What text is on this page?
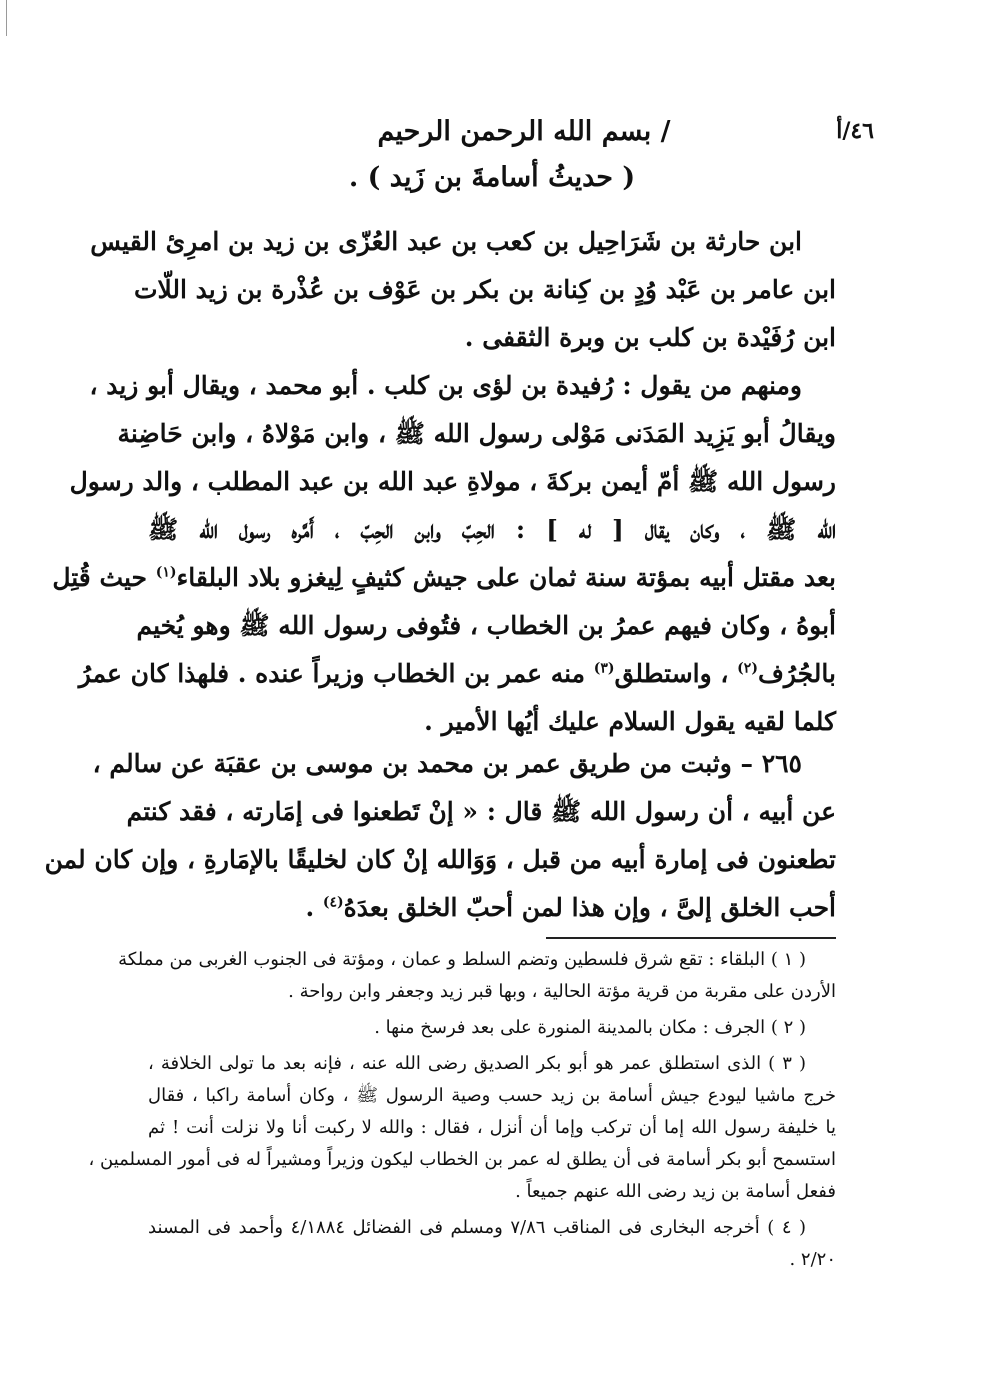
٤٦/أ
/ بسم الله الرحمن الرحيم
( حديثُ أسامةَ بن زَيد ) .
ابن حارثة بن شَرَاحِيل بن كعب بن عبد العُزّى بن زيد بن امرِئ القيس
ابن عامر بن عَبْد وُدٍ بن كِنانة بن بكر بن عَوْف بن عُذْرة بن زيد اللّات
ابن رُفَيْدة بن كلب بن وبرة الثقفى .
ومنهم من يقول : رُفيدة بن لؤى بن كلب . أبو محمد ، ويقال أبو زيد ،
ويقالُ أبو يَزِيد المَدَنى مَوْلى رسول الله ﷺ ، وابن مَوْلاهُ ، وابن حَاضِنة
رسول الله ﷺ أمّ أيمن بركةَ ، مولاةِ عبد الله بن عبد المطلب ، والد رسول
الله ﷺ ، وكان يقال [ له ] : الحِبّ وابن الحِبّ ، أَمَّره رسول الله ﷺ
بعد مقتل أبيه بمؤتة سنة ثمان على جيش كثيفٍ لِيغزو بلاد البلقاء$^{(١)}$ حيث قُتِل
أبوهُ ، وكان فيهم عمرُ بن الخطاب ، فتُوفى رسول الله ﷺ وهو يُخيم
بالجُرُف$^{(٢)}$ ، واستطلق$^{(٣)}$ منه عمر بن الخطاب وزيراً عنده . فلهذا كان عمرُ
كلما لقيه يقول السلام عليك أيُها الأمير .
٢٦٥ – وثبت من طريق عمر بن محمد بن موسى بن عقبَة عن سالم ،
عن أبيه ، أن رسول الله ﷺ قال : « إنْ تَطعنوا فى إمَارته ، فقد كنتم
تطعنون فى إمارة أبيه من قبل ، وَوَالله إنْ كان لخليقًا بالإمَارةِ ، وإن كان لمن
أحب الخلق إلىَّ ، وإن هذا لمن أحبّ الخلق بعدَهُ$^{(٤)}$ .
( ١ ) البلقاء : تقع شرق فلسطين وتضم السلط و عمان ، ومؤتة فى الجنوب الغربى من مملكة
الأردن على مقربة من قرية مؤتة الحالية ، وبها قبر زيد وجعفر وابن رواحة .
( ٢ ) الجرف : مكان بالمدينة المنورة على بعد فرسخ منها .
( ٣ ) الذى استطلق عمر هو أبو بكر الصديق رضى الله عنه ، فإنه بعد ما تولى الخلافة ،
خرج ماشيا ليودع جيش أسامة بن زيد حسب وصية الرسول ﷺ ، وكان أسامة راكبا ، فقال
يا خليفة رسول الله إما أن تركب وإما أن أنزل ، فقال : والله لا ركبت أنا ولا نزلت أنت ! ثم
استسمح أبو بكر أسامة فى أن يطلق له عمر بن الخطاب ليكون وزيراً ومشيراً له فى أمور المسلمين ،
ففعل أسامة بن زيد رضى الله عنهم جميعاً .
( ٤ ) أخرجه البخارى فى المناقب ٧/٨٦ ومسلم فى الفضائل ٤/١٨٨٤ وأحمد فى المسند
٢/٢٠ .
